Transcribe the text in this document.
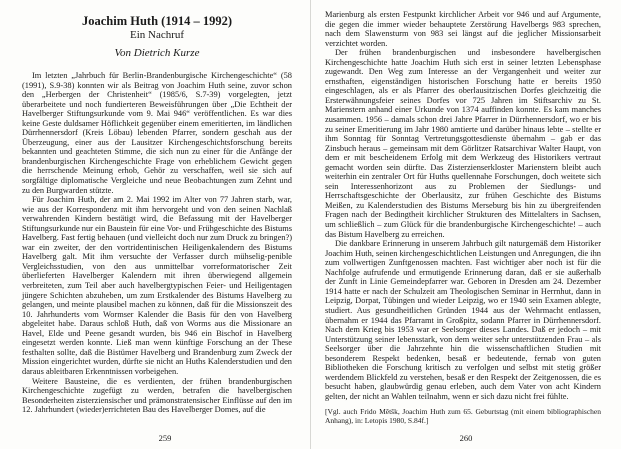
Joachim Huth (1914 – 1992)
Ein Nachruf
Von Dietrich Kurze

Im letzten „Jahrbuch für Berlin-Brandenburgische Kirchengeschichte“ (58 (1991), S.9-38) konnten wir als Beitrag von Joachim Huth seine, zuvor schon den „Herbergen der Christenheit“ (1985/6, S.7-39) vorgelegten, jetzt überarbeitete und noch fundierteren Beweisführungen über „Die Echtheit der Havelberger Stiftungsurkunde vom 9. Mai 946“ veröffentlichen. Es war dies keine Geste duldsamer Höflichkeit gegenüber einem emeritierten, im ländlichen Dürrhennersdorf (Kreis Löbau) lebenden Pfarrer, sondern geschah aus der Überzeugung, einer aus der Lausitzer Kirchengeschichtsforschung bereits bekannten und geachteten Stimme, die sich nun zu einer für die Anfänge der brandenburgischen Kirchengeschichte Frage von erheblichem Gewicht gegen die herrschende Meinung erhob, Gehör zu verschaffen, weil sie sich auf sorgfältige diplomatische Vergleiche und neue Beobachtungen zum Zehnt und zu den Burgwarden stützte.

Für Joachim Huth, der am 2. Mai 1992 im Alter von 77 Jahren starb, war, wie aus der Korrespondenz mit ihm hervorgeht und von den seinen Nachlaß verwahrenden Kindern bestätigt wird, die Befassung mit der Havelberger Stiftungsurkunde nur ein Baustein für eine Vor- und Frühgeschichte des Bistums Havelberg. Fast fertig behauen (und vielleicht doch nur zum Druck zu bringen?) war ein zweiter, der den vortridentinischen Heiligenkalendern des Bistums Havelberg galt. Mit ihm versuchte der Verfasser durch mühselig-penible Vergleichsstudien, von den aus unmittelbar vorreformatorischer Zeit überlieferten Havelberger Kalendern mit ihren überwiegend allgemein verbreiteten, zum Teil aber auch havelbergtypischen Feier- und Heiligentagen jüngere Schichten abzuheben, um zum Erstkalender des Bistums Havelberg zu gelangen, und meinte plausibel machen zu können, daß für die Missionszeit des 10. Jahrhunderts vom Wormser Kalender die Basis für den von Havelberg abgeleitet habe. Daraus schloß Huth, daß von Worms aus die Missionare an Havel, Elde und Peene gesandt wurden, bis 946 ein Bischof in Havelberg eingesetzt werden konnte. Ließ man wenn künftige Forschung an der These festhalten sollte, daß die Bistümer Havelberg und Brandenburg zum Zweck der Mission eingerichtet wurden, dürfte sie nicht an Huths Kalenderstudien und den daraus ableitbaren Erkenntnissen vorbeigehen.

Weitere Bausteine, die es verdienten, der frühen brandenburgischen Kirchengeschichte zugefügt zu werden, betrafen die havelbergischen Besonderheiten zisterziensischer und prämonstratensischer Einflüsse auf den im 12. Jahrhundert (wieder)errichteten Bau des Havelberger Domes, auf die

259

Marienburg als ersten Festpunkt kirchlicher Arbeit vor 946 und auf Argumente, die gegen die immer wieder behauptete Zerstörung Havelbergs 983 sprechen, nach dem Slawensturm von 983 sei längst auf die jeglicher Missionsarbeit verzichtet worden.

Der frühen brandenburgischen und insbesondere havelbergischen Kirchengeschichte hatte Joachim Huth sich erst in seiner letzten Lebensphase zugewandt. Den Weg zum Interesse an der Vergangenheit und weiter zur ernsthaften, eigenständigen historischen Forschung hatte er bereits 1950 eingeschlagen, als er als Pfarrer des oberlausitzischen Dorfes gleichzeitig die Ersterwähnungsfeier seines Dorfes vor 725 Jahren im Stiftsarchiv zu St. Marienstern anhand einer Urkunde von 1374 auffinden konnte. Es kam manches zusammen. 1956 – damals schon drei Jahre Pfarrer in Dürrhennersdorf, wo er bis zu seiner Emeritierung im Jahr 1980 amtierte und darüber hinaus lebte – stellte er ihm Sonntag für Sonntag Vertretungsgottesdienste übernahm – gab er das Zinsbuch heraus – gemeinsam mit dem Görlitzer Ratsarchivar Walter Haupt, von dem er mit bescheidenem Erfolg mit dem Werkzeug des Historikers vertraut gemacht worden sein dürfte. Das Zisterzienserkloster Marienstern bleibt auch weiterhin ein zentraler Ort für Huths quellennahe Forschungen, doch weitete sich sein Interessenhorizont aus zu Problemen der Siedlungs- und Herrschaftsgeschichte der Oberlausitz, zur frühen Geschichte des Bistums Meißen, zu Kalenderstudien des Bistums Merseburg bis hin zu übergreifenden Fragen nach der Bedingtheit kirchlicher Strukturen des Mittelalters in Sachsen, um schließlich – zum Glück für die brandenburgische Kirchengeschichte! – auch das Bistum Havelberg zu erreichen.

Die dankbare Erinnerung in unserem Jahrbuch gilt naturgemäß dem Historiker Joachim Huth, seinen kirchengeschichtlichen Leistungen und Anregungen, die ihn zum vollwertigen Zunftgenossen machten. Fast wichtiger aber noch ist für die Nachfolge aufrufende und ermutigende Erinnerung daran, daß er sie außerhalb der Zunft in Linie Gemeindepfarrer war. Geboren in Dresden am 24. Dezember 1914 hatte er nach der Schulzeit am Theologischen Seminar in Herrnhut, dann in Leipzig, Dorpat, Tübingen und wieder Leipzig, wo er 1940 sein Examen ablegte, studiert. Aus gesundheitlichen Gründen 1944 aus der Wehrmacht entlassen, übernahm er 1944 das Pfarramt in Großpitz, sodann Pfarrer in Dürrhennersdorf. Nach dem Krieg bis 1953 war er Seelsorger dieses Landes. Daß er jedoch – mit Unterstützung seiner lebensstark, von dem weiter sehr unterstützenden Frau – als Seelsorger über die Jahrzehnte hin die wissenschaftlichen Studien mit besonderem Respekt bedenken, besaß er bedeutende, fernab von guten Bibliotheken die Forschung kritisch zu verfolgen und selbst mit stetig größer werdendem Blickfeld zu verstehen, besaß er den Respekt der Zeitgenossen, die es besucht haben, glaubwürdig genau erleben, auch dem Vater von acht Kindern gelten, der nicht an Wahlen teilnahm, wenn er sich dazu nicht frei fühlte.

[Vgl. auch Frido Mětšk, Joachim Huth zum 65. Geburtstag (mit einem bibliographischen Anhang), in: Letopis 1980, S.84f.]

260
